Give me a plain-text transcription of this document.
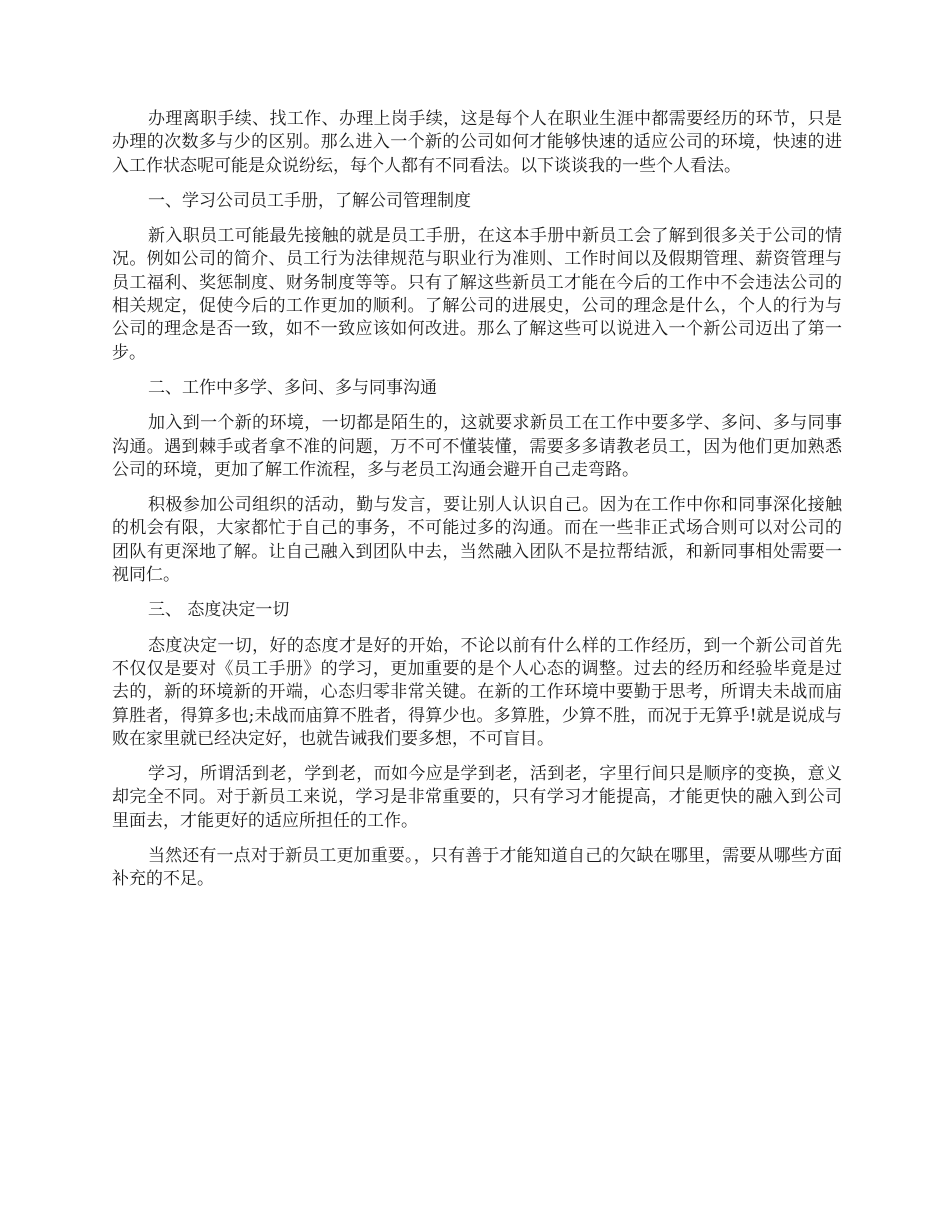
办理离职手续、找工作、办理上岗手续，这是每个人在职业生涯中都需要经历的环节，只是办理的次数多与少的区别。那么进入一个新的公司如何才能够快速的适应公司的环境，快速的进入工作状态呢可能是众说纷纭，每个人都有不同看法。以下谈谈我的一些个人看法。

一、学习公司员工手册，了解公司管理制度

新入职员工可能最先接触的就是员工手册，在这本手册中新员工会了解到很多关于公司的情况。例如公司的简介、员工行为法律规范与职业行为准则、工作时间以及假期管理、薪资管理与员工福利、奖惩制度、财务制度等等。只有了解这些新员工才能在今后的工作中不会违法公司的相关规定，促使今后的工作更加的顺利。了解公司的进展史，公司的理念是什么，个人的行为与公司的理念是否一致，如不一致应该如何改进。那么了解这些可以说进入一个新公司迈出了第一步。

二、工作中多学、多问、多与同事沟通

加入到一个新的环境，一切都是陌生的，这就要求新员工在工作中要多学、多问、多与同事沟通。遇到棘手或者拿不准的问题，万不可不懂装懂，需要多多请教老员工，因为他们更加熟悉公司的环境，更加了解工作流程，多与老员工沟通会避开自己走弯路。

积极参加公司组织的活动，勤与发言，要让别人认识自己。因为在工作中你和同事深化接触的机会有限，大家都忙于自己的事务，不可能过多的沟通。而在一些非正式场合则可以对公司的团队有更深地了解。让自己融入到团队中去，当然融入团队不是拉帮结派，和新同事相处需要一视同仁。

三、 态度决定一切

态度决定一切，好的态度才是好的开始，不论以前有什么样的工作经历，到一个新公司首先不仅仅是要对《员工手册》的学习，更加重要的是个人心态的调整。过去的经历和经验毕竟是过去的，新的环境新的开端，心态归零非常关键。在新的工作环境中要勤于思考，所谓夫未战而庙算胜者，得算多也;未战而庙算不胜者，得算少也。多算胜，少算不胜，而况于无算乎!就是说成与败在家里就已经决定好，也就告诫我们要多想，不可盲目。

学习，所谓活到老，学到老，而如今应是学到老，活到老，字里行间只是顺序的变换，意义却完全不同。对于新员工来说，学习是非常重要的，只有学习才能提高，才能更快的融入到公司里面去，才能更好的适应所担任的工作。

当然还有一点对于新员工更加重要。，只有善于才能知道自己的欠缺在哪里，需要从哪些方面补充的不足。
